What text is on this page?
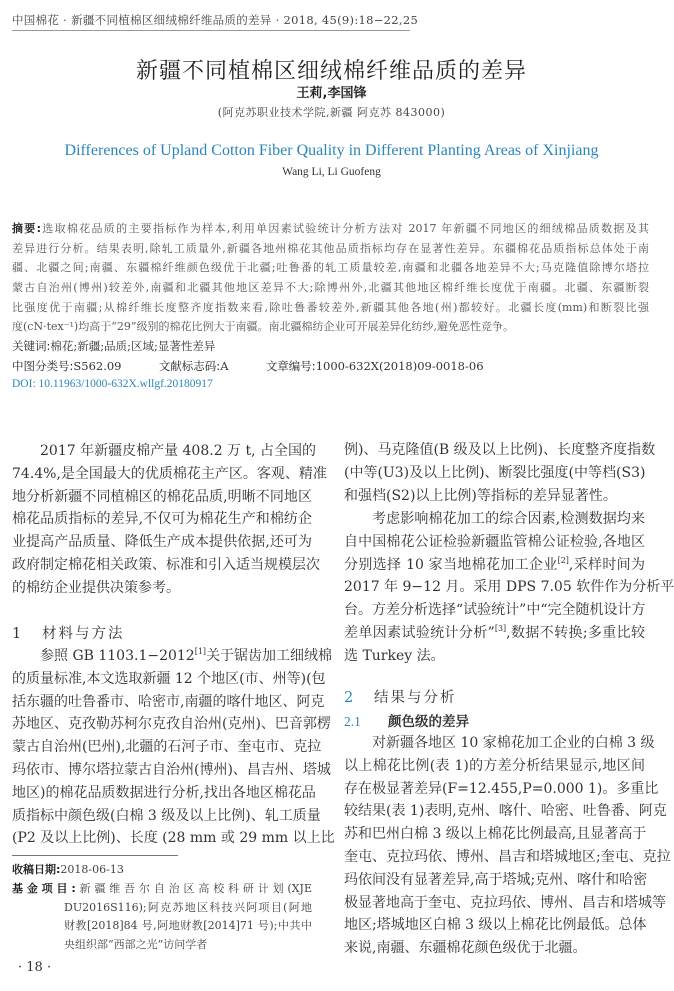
中国棉花 · 新疆不同植棉区细绒棉纤维品质的差异 · 2018, 45(9):18−22,25
新疆不同植棉区细绒棉纤维品质的差异
王莉,李国锋
(阿克苏职业技术学院,新疆 阿克苏 843000)
Differences of Upland Cotton Fiber Quality in Different Planting Areas of Xinjiang
Wang Li, Li Guofeng
摘要:选取棉花品质的主要指标作为样本,利用单因素试验统计分析方法对 2017 年新疆不同地区的细绒棉品质数据及其
差异进行分析。结果表明,除轧工质量外,新疆各地州棉花其他品质指标均存在显著性差异。东疆棉花品质指标总体处于南
疆、北疆之间;南疆、东疆棉纤维颜色级优于北疆;吐鲁番的轧工质量较差,南疆和北疆各地差异不大;马克隆值除博尔塔拉
蒙古自治州(博州)较差外,南疆和北疆其他地区差异不大;除博州外,北疆其他地区棉纤维长度优于南疆。北疆、东疆断裂
比强度优于南疆;从棉纤维长度整齐度指数来看,除吐鲁番较差外,新疆其他各地(州)都较好。北疆长度(mm)和断裂比强
度(cN·tex⁻¹)均高于“29”级别的棉花比例大于南疆。南北疆棉纺企业可开展差异化纺纱,避免恶性竞争。
关键词:棉花;新疆;品质;区域;显著性差异
中图分类号:S562.09	文献标志码:A	文章编号:1000-632X(2018)09-0018-06
DOI: 10.11963/1000-632X.wllgf.20180917
2017 年新疆皮棉产量 408.2 万 t, 占全国的
74.4%,是全国最大的优质棉花主产区。客观、精准
地分析新疆不同植棉区的棉花品质,明晰不同地区
棉花品质指标的差异,不仅可为棉花生产和棉纺企
业提高产品质量、降低生产成本提供依据,还可为
政府制定棉花相关政策、标准和引入适当规模层次
的棉纺企业提供决策参考。
1 材料与方法
参照 GB 1103.1−2012[1]关于锯齿加工细绒棉
的质量标准,本文选取新疆 12 个地区(市、州等)(包
括东疆的吐鲁番市、哈密市,南疆的喀什地区、阿克
苏地区、克孜勒苏柯尔克孜自治州(克州)、巴音郭楞
蒙古自治州(巴州),北疆的石河子市、奎屯市、克拉
玛依市、博尔塔拉蒙古自治州(博州)、昌吉州、塔城
地区)的棉花品质数据进行分析,找出各地区棉花品
质指标中颜色级(白棉 3 级及以上比例)、轧工质量
(P2 及以上比例)、长度 (28 mm 或 29 mm 以上比
收稿日期:2018-06-13
基金项目:新疆维吾尔自治区高校科研计划(XJE
DU2016S116);阿克苏地区科技兴阿项目(阿地
财教[2018]84 号,阿地财教[2014]71 号);中共中
央组织部“西部之光”访问学者
· 18 ·
例)、马克隆值(B 级及以上比例)、长度整齐度指数
(中等(U3)及以上比例)、断裂比强度(中等档(S3)
和强档(S2)以上比例)等指标的差异显著性。
考虑影响棉花加工的综合因素,检测数据均来
自中国棉花公证检验新疆监管棉公证检验,各地区
分别选择 10 家当地棉花加工企业[2],采样时间为
2017 年 9−12 月。采用 DPS 7.05 软件作为分析平
台。方差分析选择“试验统计”中“完全随机设计方
差单因素试验统计分析”[3],数据不转换;多重比较
选 Turkey 法。
2 结果与分析
2.1 颜色级的差异
对新疆各地区 10 家棉花加工企业的白棉 3 级
以上棉花比例(表 1)的方差分析结果显示,地区间
存在极显著差异(F=12.455,P=0.000 1)。多重比
较结果(表 1)表明,克州、喀什、哈密、吐鲁番、阿克
苏和巴州白棉 3 级以上棉花比例最高,且显著高于
奎屯、克拉玛依、博州、昌吉和塔城地区;奎屯、克拉
玛依间没有显著差异,高于塔城;克州、喀什和哈密
极显著地高于奎屯、克拉玛依、博州、昌吉和塔城等
地区;塔城地区白棉 3 级以上棉花比例最低。总体
来说,南疆、东疆棉花颜色级优于北疆。
